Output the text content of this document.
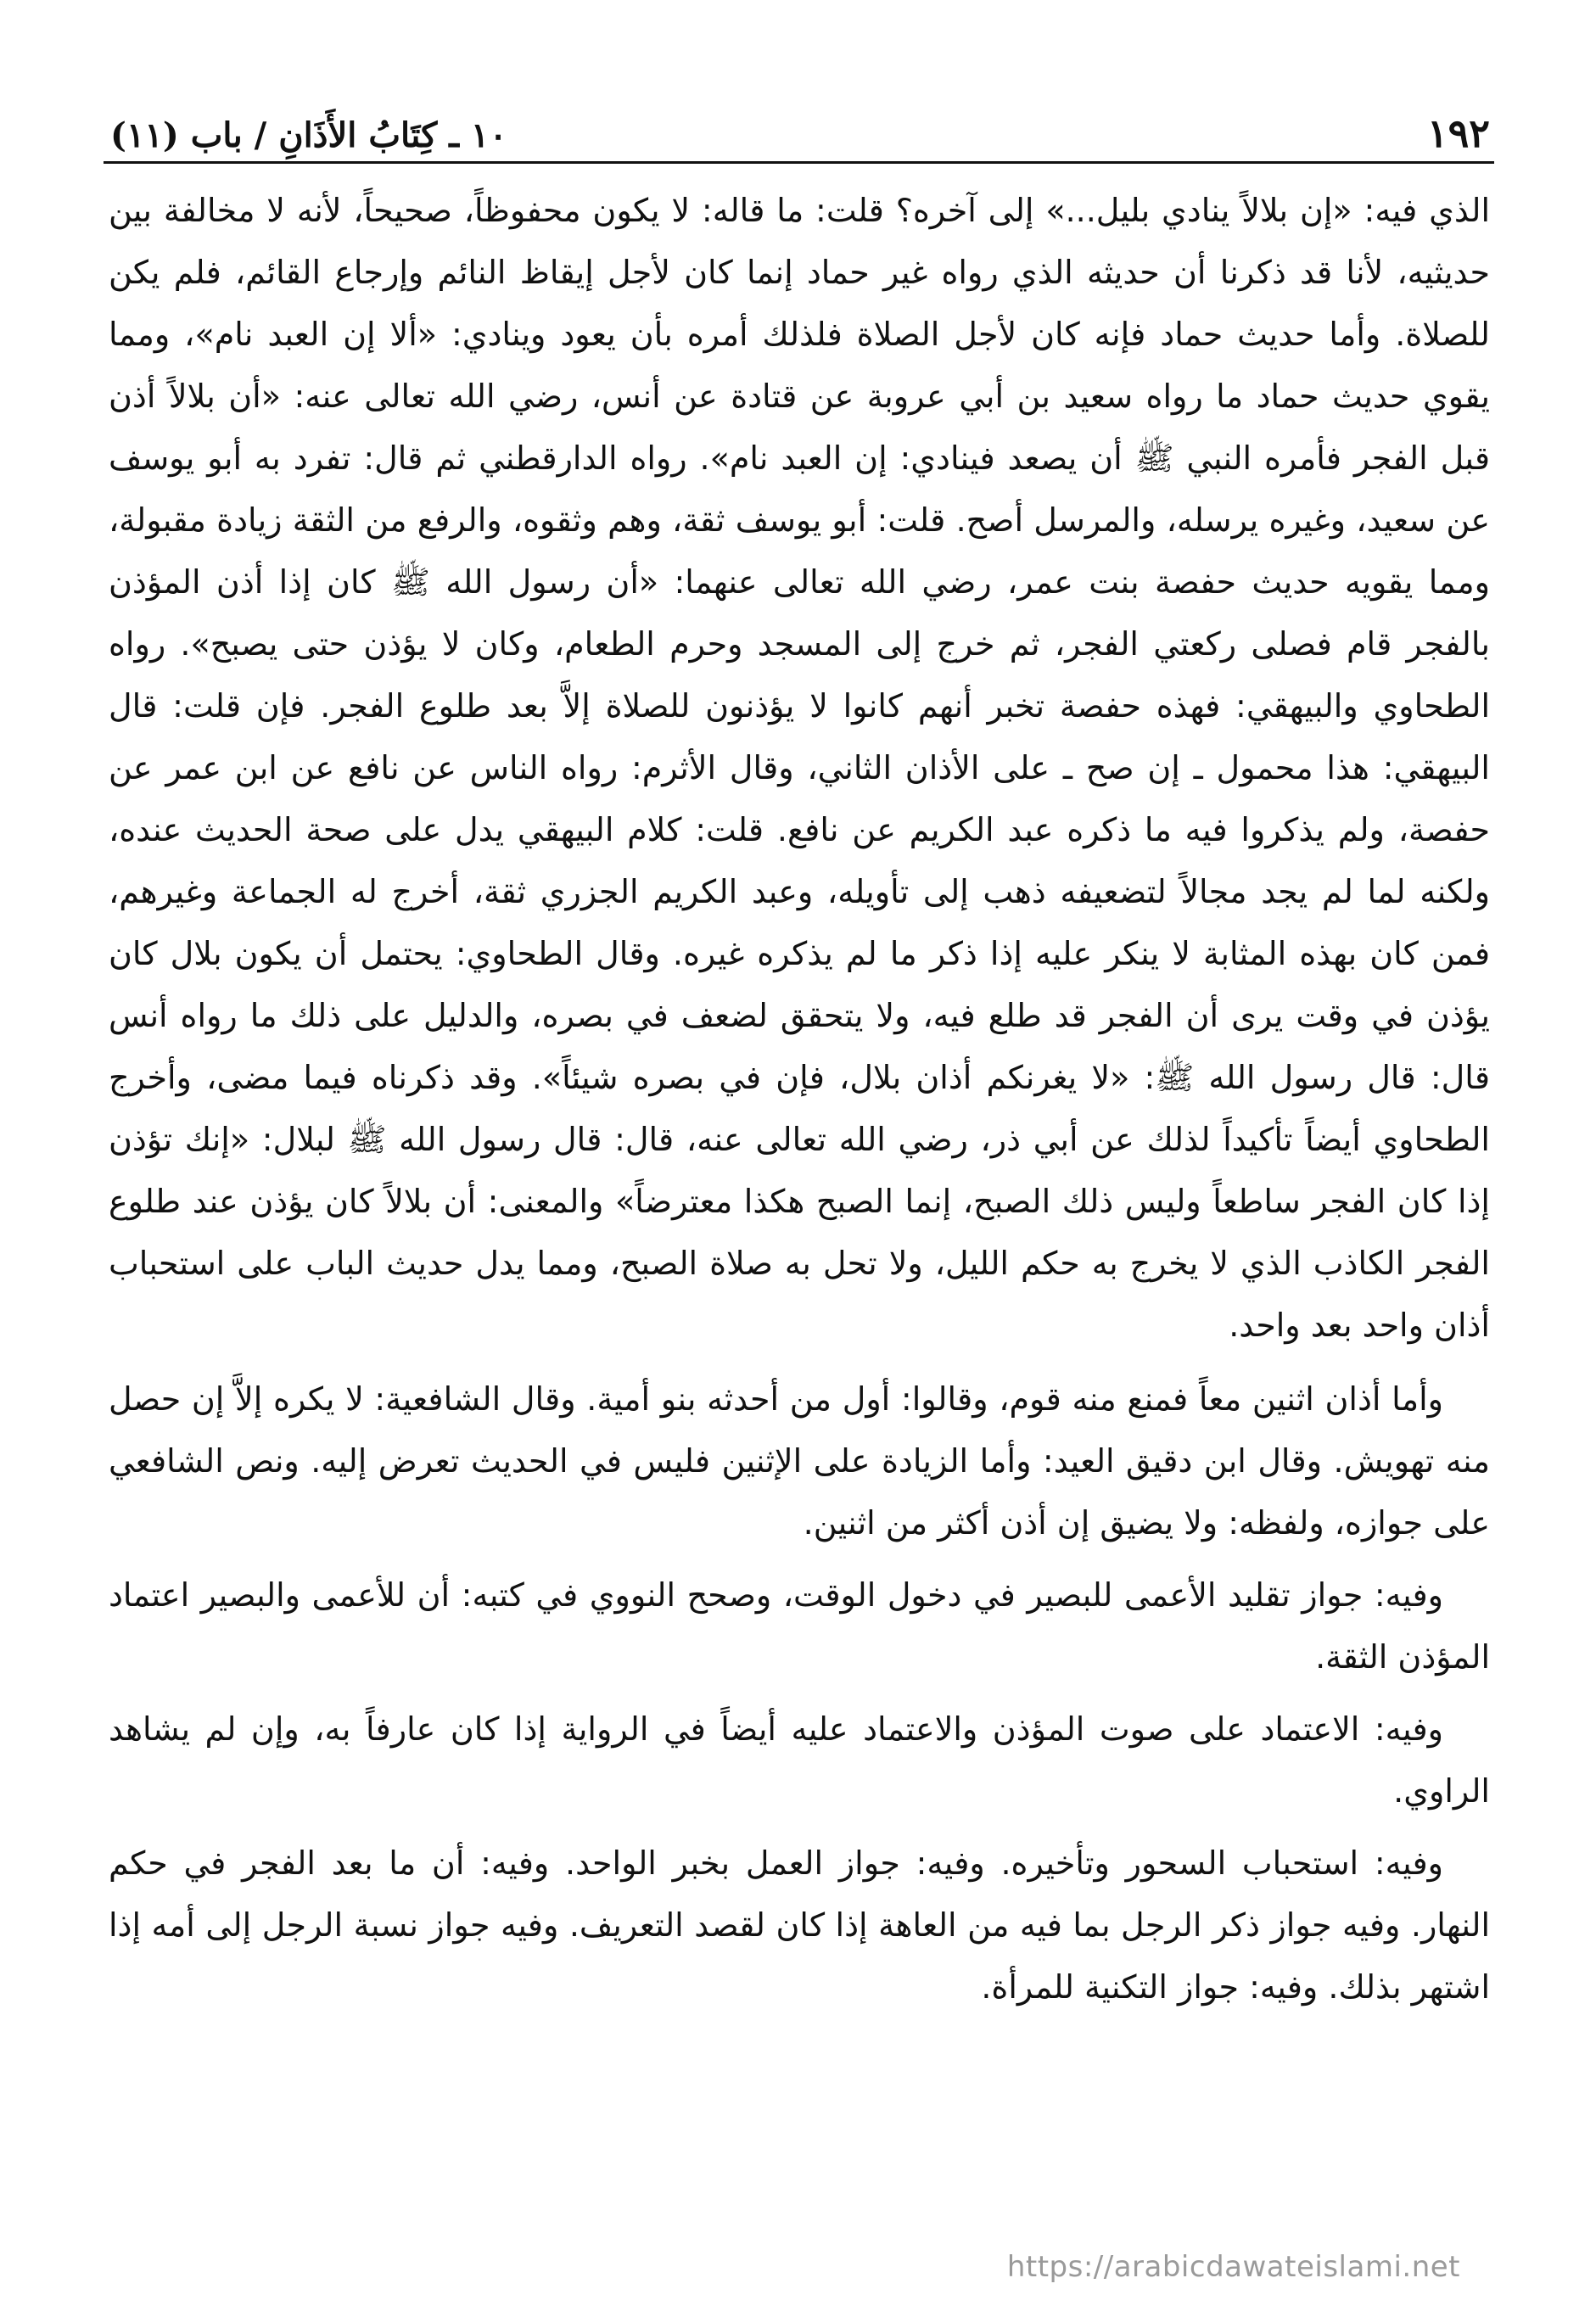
١٩٢
١٠ ـ كِتَابُ الأَذَانِ / باب (١١)

الذي فيه: «إن بلالاً ينادي بليل...» إلى آخره؟ قلت: ما قاله: لا يكون محفوظاً، صحيحاً، لأنه لا مخالفة بين حديثيه، لأنا قد ذكرنا أن حديثه الذي رواه غير حماد إنما كان لأجل إيقاظ النائم وإرجاع القائم، فلم يكن للصلاة. وأما حديث حماد فإنه كان لأجل الصلاة فلذلك أمره بأن يعود وينادي: «ألا إن العبد نام»، ومما يقوي حديث حماد ما رواه سعيد بن أبي عروبة عن قتادة عن أنس، رضي الله تعالى عنه: «أن بلالاً أذن قبل الفجر فأمره النبي ﷺ أن يصعد فينادي: إن العبد نام». رواه الدارقطني ثم قال: تفرد به أبو يوسف عن سعيد، وغيره يرسله، والمرسل أصح. قلت: أبو يوسف ثقة، وهم وثقوه، والرفع من الثقة زيادة مقبولة، ومما يقويه حديث حفصة بنت عمر، رضي الله تعالى عنهما: «أن رسول الله ﷺ كان إذا أذن المؤذن بالفجر قام فصلى ركعتي الفجر، ثم خرج إلى المسجد وحرم الطعام، وكان لا يؤذن حتى يصبح». رواه الطحاوي والبيهقي: فهذه حفصة تخبر أنهم كانوا لا يؤذنون للصلاة إلاَّ بعد طلوع الفجر. فإن قلت: قال البيهقي: هذا محمول ـ إن صح ـ على الأذان الثاني، وقال الأثرم: رواه الناس عن نافع عن ابن عمر عن حفصة، ولم يذكروا فيه ما ذكره عبد الكريم عن نافع. قلت: كلام البيهقي يدل على صحة الحديث عنده، ولكنه لما لم يجد مجالاً لتضعيفه ذهب إلى تأويله، وعبد الكريم الجزري ثقة، أخرج له الجماعة وغيرهم، فمن كان بهذه المثابة لا ينكر عليه إذا ذكر ما لم يذكره غيره. وقال الطحاوي: يحتمل أن يكون بلال كان يؤذن في وقت يرى أن الفجر قد طلع فيه، ولا يتحقق لضعف في بصره، والدليل على ذلك ما رواه أنس قال: قال رسول الله ﷺ: «لا يغرنكم أذان بلال، فإن في بصره شيئاً». وقد ذكرناه فيما مضى، وأخرج الطحاوي أيضاً تأكيداً لذلك عن أبي ذر، رضي الله تعالى عنه، قال: قال رسول الله ﷺ لبلال: «إنك تؤذن إذا كان الفجر ساطعاً وليس ذلك الصبح، إنما الصبح هكذا معترضاً» والمعنى: أن بلالاً كان يؤذن عند طلوع الفجر الكاذب الذي لا يخرج به حكم الليل، ولا تحل به صلاة الصبح، ومما يدل حديث الباب على استحباب أذان واحد بعد واحد.

وأما أذان اثنين معاً فمنع منه قوم، وقالوا: أول من أحدثه بنو أمية. وقال الشافعية: لا يكره إلاَّ إن حصل منه تهويش. وقال ابن دقيق العيد: وأما الزيادة على الإثنين فليس في الحديث تعرض إليه. ونص الشافعي على جوازه، ولفظه: ولا يضيق إن أذن أكثر من اثنين.

وفيه: جواز تقليد الأعمى للبصير في دخول الوقت، وصحح النووي في كتبه: أن للأعمى والبصير اعتماد المؤذن الثقة.

وفيه: الاعتماد على صوت المؤذن والاعتماد عليه أيضاً في الرواية إذا كان عارفاً به، وإن لم يشاهد الراوي.

وفيه: استحباب السحور وتأخيره. وفيه: جواز العمل بخبر الواحد. وفيه: أن ما بعد الفجر في حكم النهار. وفيه جواز ذكر الرجل بما فيه من العاهة إذا كان لقصد التعريف. وفيه جواز نسبة الرجل إلى أمه إذا اشتهر بذلك. وفيه: جواز التكنية للمرأة.

https://arabicdawateislami.net
